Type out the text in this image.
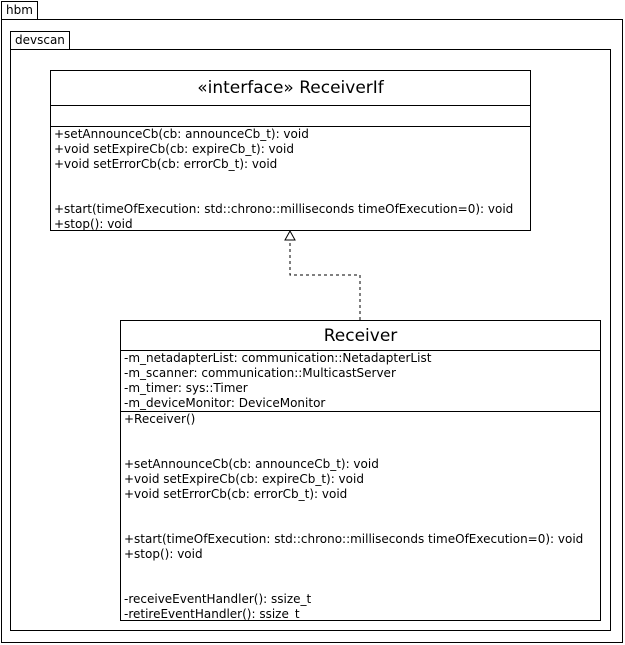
hbm
devscan
«interface» ReceiverIf
+setAnnounceCb(cb: announceCb_t): void
+void setExpireCb(cb: expireCb_t): void
+void setErrorCb(cb: errorCb_t): void
+start(timeOfExecution: std::chrono::milliseconds timeOfExecution=0): void
+stop(): void
Receiver
-m_netadapterList: communication::NetadapterList
-m_scanner: communication::MulticastServer
-m_timer: sys::Timer
-m_deviceMonitor: DeviceMonitor
+Receiver()
+setAnnounceCb(cb: announceCb_t): void
+void setExpireCb(cb: expireCb_t): void
+void setErrorCb(cb: errorCb_t): void
+start(timeOfExecution: std::chrono::milliseconds timeOfExecution=0): void
+stop(): void
-receiveEventHandler(): ssize_t
-retireEventHandler(): ssize_t
